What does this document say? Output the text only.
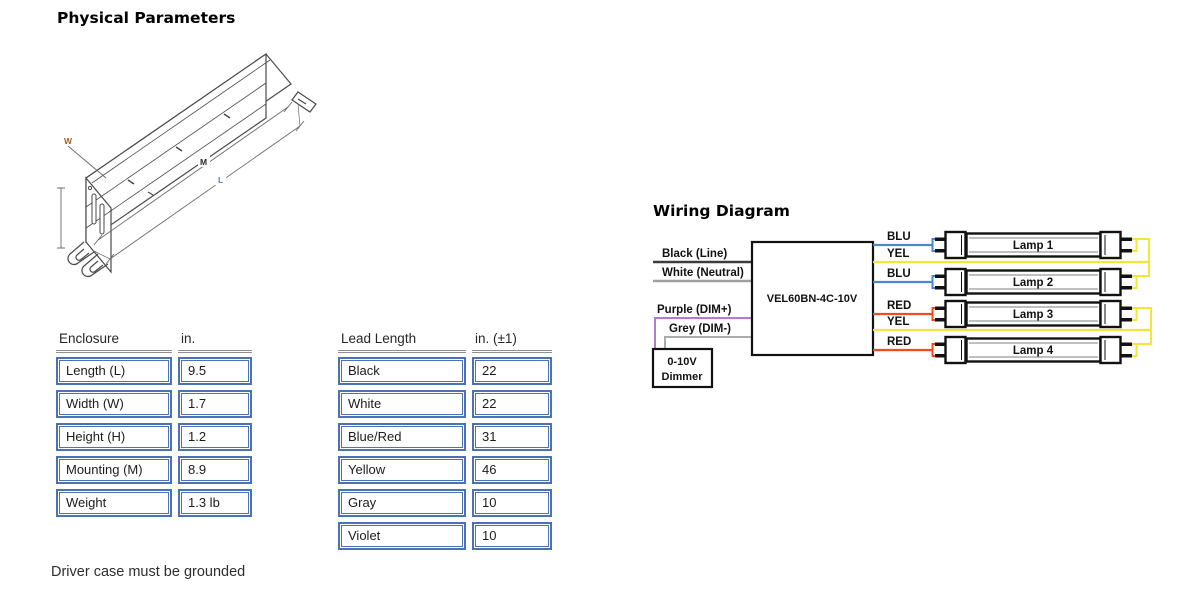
Physical Parameters
W
M
L
Enclosure	in.
Length (L)	9.5
Width (W)	1.7
Height (H)	1.2
Mounting (M)	8.9
Weight	1.3 lb
Lead Length	in. (±1)
Black	22
White	22
Blue/Red	31
Yellow	46
Gray	10
Violet	10
Driver case must be grounded
Wiring Diagram
Black (Line)
White (Neutral)
Purple (DIM+)
Grey (DIM-)
VEL60BN-4C-10V
0-10V
Dimmer
BLU
YEL
BLU
RED
YEL
RED
Lamp 1
Lamp 2
Lamp 3
Lamp 4
